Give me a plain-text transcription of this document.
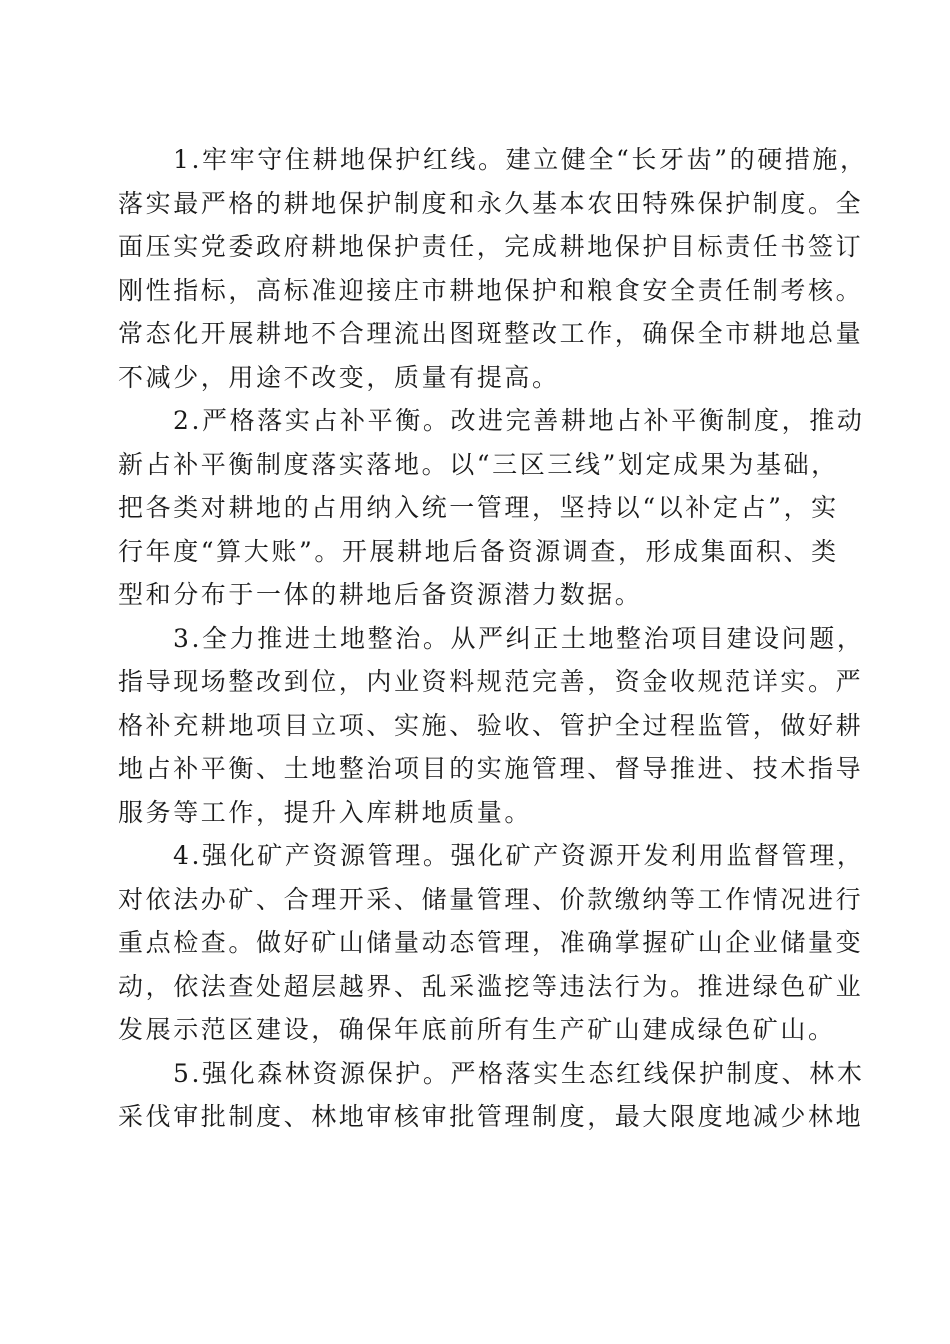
1.牢牢守住耕地保护红线。建立健全“长牙齿”的硬措施，
落实最严格的耕地保护制度和永久基本农田特殊保护制度。全
面压实党委政府耕地保护责任，完成耕地保护目标责任书签订
刚性指标，高标准迎接庄市耕地保护和粮食安全责任制考核。
常态化开展耕地不合理流出图斑整改工作，确保全市耕地总量
不减少，用途不改变，质量有提高。
2.严格落实占补平衡。改进完善耕地占补平衡制度，推动
新占补平衡制度落实落地。以“三区三线”划定成果为基础，
把各类对耕地的占用纳入统一管理，坚持以“以补定占”，实
行年度“算大账”。开展耕地后备资源调查，形成集面积、类
型和分布于一体的耕地后备资源潜力数据。
3.全力推进土地整治。从严纠正土地整治项目建设问题，
指导现场整改到位，内业资料规范完善，资金收规范详实。严
格补充耕地项目立项、实施、验收、管护全过程监管，做好耕
地占补平衡、土地整治项目的实施管理、督导推进、技术指导
服务等工作，提升入库耕地质量。
4.强化矿产资源管理。强化矿产资源开发利用监督管理，
对依法办矿、合理开采、储量管理、价款缴纳等工作情况进行
重点检查。做好矿山储量动态管理，准确掌握矿山企业储量变
动，依法查处超层越界、乱采滥挖等违法行为。推进绿色矿业
发展示范区建设，确保年底前所有生产矿山建成绿色矿山。
5.强化森林资源保护。严格落实生态红线保护制度、林木
采伐审批制度、林地审核审批管理制度，最大限度地减少林地
